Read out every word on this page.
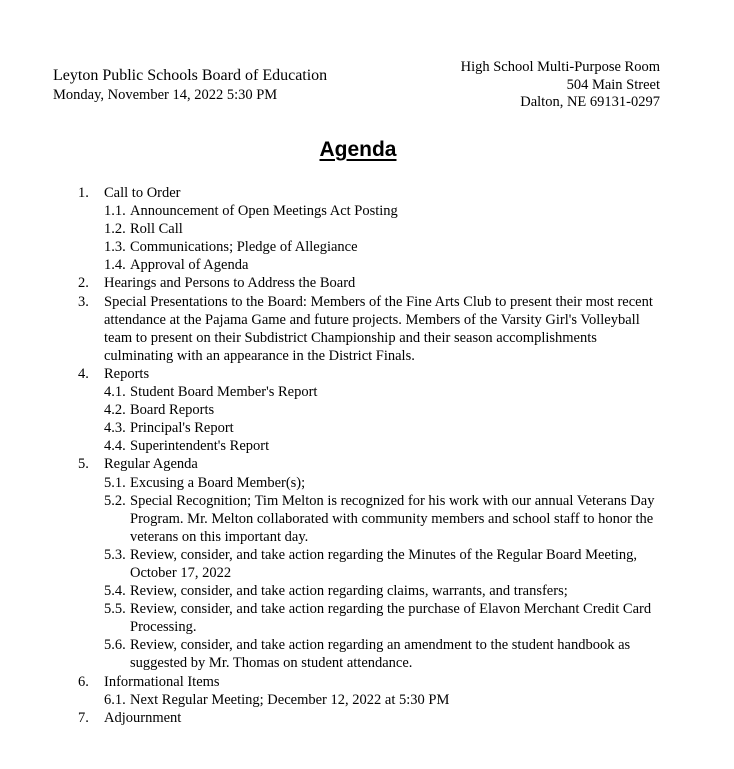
Leyton Public Schools Board of Education
Monday, November 14, 2022 5:30 PM
High School Multi-Purpose Room
504 Main Street
Dalton, NE 69131-0297
Agenda
1.	Call to Order
1.1. Announcement of Open Meetings Act Posting
1.2. Roll Call
1.3. Communications; Pledge of Allegiance
1.4. Approval of Agenda
2.	Hearings and Persons to Address the Board
3.	Special Presentations to the Board: Members of the Fine Arts Club to present their most recent attendance at the Pajama Game and future projects. Members of the Varsity Girl's Volleyball team to present on their Subdistrict Championship and their season accomplishments culminating with an appearance in the District Finals.
4.	Reports
4.1. Student Board Member's Report
4.2. Board Reports
4.3. Principal's Report
4.4. Superintendent's Report
5.	Regular Agenda
5.1. Excusing a Board Member(s);
5.2. Special Recognition; Tim Melton is recognized for his work with our annual Veterans Day Program. Mr. Melton collaborated with community members and school staff to honor the veterans on this important day.
5.3. Review, consider, and take action regarding the Minutes of the Regular Board Meeting, October 17, 2022
5.4. Review, consider, and take action regarding claims, warrants, and transfers;
5.5. Review, consider, and take action regarding the purchase of Elavon Merchant Credit Card Processing.
5.6. Review, consider, and take action regarding an amendment to the student handbook as suggested by Mr. Thomas on student attendance.
6.	Informational Items
6.1. Next Regular Meeting; December 12, 2022 at 5:30 PM
7.	Adjournment
